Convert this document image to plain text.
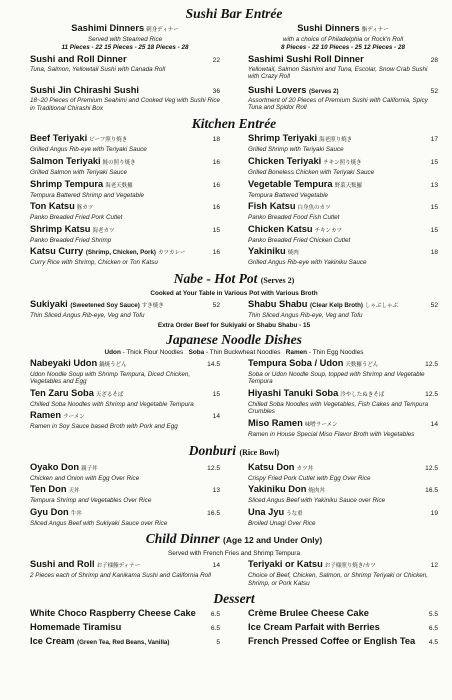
Sushi Bar Entrée
Sashimi Dinners 刺身ディナー
Served with Steamed Rice
11 Pieces - 22 15 Pieces - 25 18 Pieces - 28
Sushi Dinners 鮨ディナー
with a choice of Philadelphia or Rock'n Roll
8 Pieces - 22 10 Pieces - 25 12 Pieces - 28
Sushi and Roll Dinner	22
Tuna, Salmon, Yellowtail Sushi with Canada Roll
Sushi Jin Chirashi Sushi	36
18~20 Pieces of Premium Seahimi and Cooked Veg with Sushi Rice in Traditional Chirashi Box
Sashimi Sushi Roll Dinner	28
Yellowtail, Salmon Sashimi and Tuna, Escolar, Snow Crab Sushi with Crazy Roll
Sushi Lovers (Serves 2)	52
Assortment of 20 Pieces of Premium Sushi with California, Spicy Tuna and Spidor Roll
Kitchen Entrée
Beef Teriyaki ビーフ照り焼き	18
Grilled Angus Rib-eye with Teriyaki Sauce
Salmon Teriyaki 鮭の照り焼き	16
Grilled Salmon with Teriyaki Sauce
Shrimp Tempura 海老天麩羅	16
Tempura Battered Shrimp and Vegetable
Ton Katsu 豚カツ	16
Panko Breaded Fried Pork Cutlet
Shrimp Katsu 海老カツ	15
Panko Breaded Fried Shrimp
Katsu Curry (Shrimp, Chicken, Pork) カツカレー	16
Curry Rice with Shrimp, Chicken or Ton Katsu
Shrimp Teriyaki 海老照り焼き	17
Grilled Shrimp with Teriyaki Sauce
Chicken Teriyaki チキン照り焼き	15
Grilled Boneless Chicken with Teriyaki Sauce
Vegetable Tempura 野菜天麩羅	13
Tempura Battered Vegetable
Fish Katsu 白身魚のカツ	15
Panko Breaded Food Fish Cutlet
Chicken Katsu チキンカツ	15
Panko Breaded Fried Chicken Cutlet
Yakiniku 焼肉	18
Grilled Angus Rib-eye with Yakiniku Sauce
Nabe - Hot Pot (Serves 2)
Cooked at Your Table in Various Pot with Various Broth
Sukiyaki (Sweetened Soy Sauce) すき焼き	52
Thin Sliced Angus Rib-eye, Veg and Tofu
Shabu Shabu (Clear Kelp Broth) しゃぶしゃぶ	52
Thin Sliced Angus Rib-eye, Veg and Tofu
Extra Order Beef for Sukiyaki or Shabu Shabu - 15
Japanese Noodle Dishes
Udon - Thick Flour Noodles Soba - Thin Buckwheat Noodles Ramen - Thin Egg Noodles
Nabeyaki Udon 鍋焼うどん	14.5
Udon Noodle Soup with Shrimp Tempura, Diced Chicken, Vegetables and Egg
Ten Zaru Soba 天ざるそば	15
Chilled Soba Noodles with Shrimp and Vegetable Tempura
Ramen ラーメン	14
Ramen in Soy Sauce based Broth with Pork and Egg
Tempura Soba / Udon 天麩羅うどん	12.5
Soba or Udon Noodle Soup, topped with Shrimp and Vegetable Tempura
Hiyashi Tanuki Soba 冷やしたぬきそば	12.5
Chilled Soba Noodles with Vegetables, Fish Cakes and Tempura Crumbles
Miso Ramen 味噌ラーメン	14
Ramen in House Special Miso Flavor Broth with Vegetables
Donburi (Rice Bowl)
Oyako Don 親子丼	12.5
Chicken and Onion with Egg Over Rice
Ten Don 天丼	13
Tempura Shrimp and Vegetables Over Rice
Gyu Don 牛丼	16.5
Sliced Angus Beef with Sukiyaki Sauce over Rice
Katsu Don カツ丼	12.5
Crispy Fried Pork Cutlet with Egg Over Rice
Yakiniku Don 焼肉丼	16.5
Sliced Angus Beef with Yakiniku Sauce over Rice
Una Jyu うな重	19
Broiled Unagi Over Rice
Child Dinner (Age 12 and Under Only)
Served with French Fries and Shrimp Tempura
Sushi and Roll お子様鮨ディナー	14
2 Pieces each of Shrimp and Kanikama Sushi and California Roll
Teriyaki or Katsu お子様照り焼き/カツ	12
Choice of Beef, Chicken, Salmon, or Shrimp Teriyaki or Chicken, Shrimp, or Pork Katsu
Dessert
White Choco Raspberry Cheese Cake 6.5
Homemade Tiramisu	6.5
Ice Cream (Green Tea, Red Beans, Vanilla)	5
Crème Brulee Cheese Cake	5.5
Ice Cream Parfait with Berries	6.5
French Pressed Coffee or English Tea 4.5
